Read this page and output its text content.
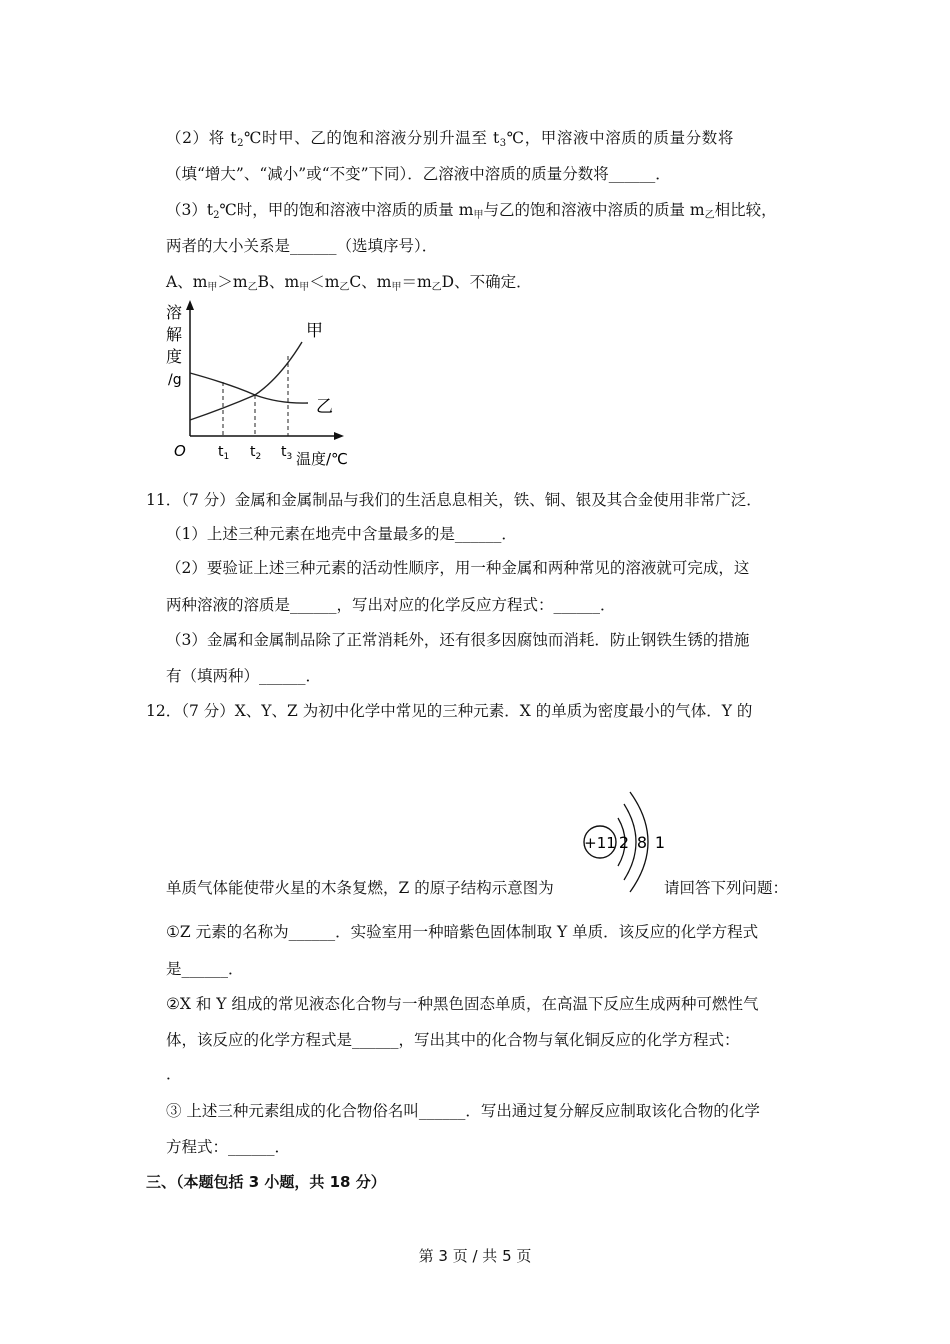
（2）将 $t_2℃$时甲、乙的饱和溶液分别升温至 $t_3℃$，甲溶液中溶质的质量分数将
（填“增大”、“减小”或“不变”下同）．乙溶液中溶质的质量分数将______．
$(3)t_2℃$时，甲的饱和溶液中溶质的质量 $m_甲$与乙的饱和溶液中溶质的质量 $m_乙$相比较，
两者的大小关系是______（选填序号）．
A、$m_甲>m_乙B$、$m_甲<m_乙C$、$m_甲=m_乙D$、不确定．
溶
解
度
/g
甲
乙
O $t_1$ $t_2$ $t_3$ 温度/℃
11．（7 分）金属和金属制品与我们的生活息息相关，铁、铜、银及其合金使用非常广泛．
（1）上述三种元素在地壳中含量最多的是______．
（2）要验证上述三种元素的活动性顺序，用一种金属和两种常见的溶液就可完成，这
两种溶液的溶质是______，写出对应的化学反应方程式：______．
（3）金属和金属制品除了正常消耗外，还有很多因腐蚀而消耗．防止钢铁生锈的措施
有（填两种）______．
12．（7 分）X、Y、Z 为初中化学中常见的三种元素．X 的单质为密度最小的气体．Y 的
+11 2 8 1
单质气体能使带火星的木条复燃，Z 的原子结构示意图为	请回答下列问题：
①Z 元素的名称为______．实验室用一种暗紫色固体制取 Y 单质．该反应的化学方程式
是______．
②X 和 Y 组成的常见液态化合物与一种黑色固态单质，在高温下反应生成两种可燃性气
体，该反应的化学方程式是______，写出其中的化合物与氧化铜反应的化学方程式：
．
③ 上述三种元素组成的化合物俗名叫______．写出通过复分解反应制取该化合物的化学
方程式：______．
三、（本题包括 3 小题，共 18 分）
第 3 页 / 共 5 页
